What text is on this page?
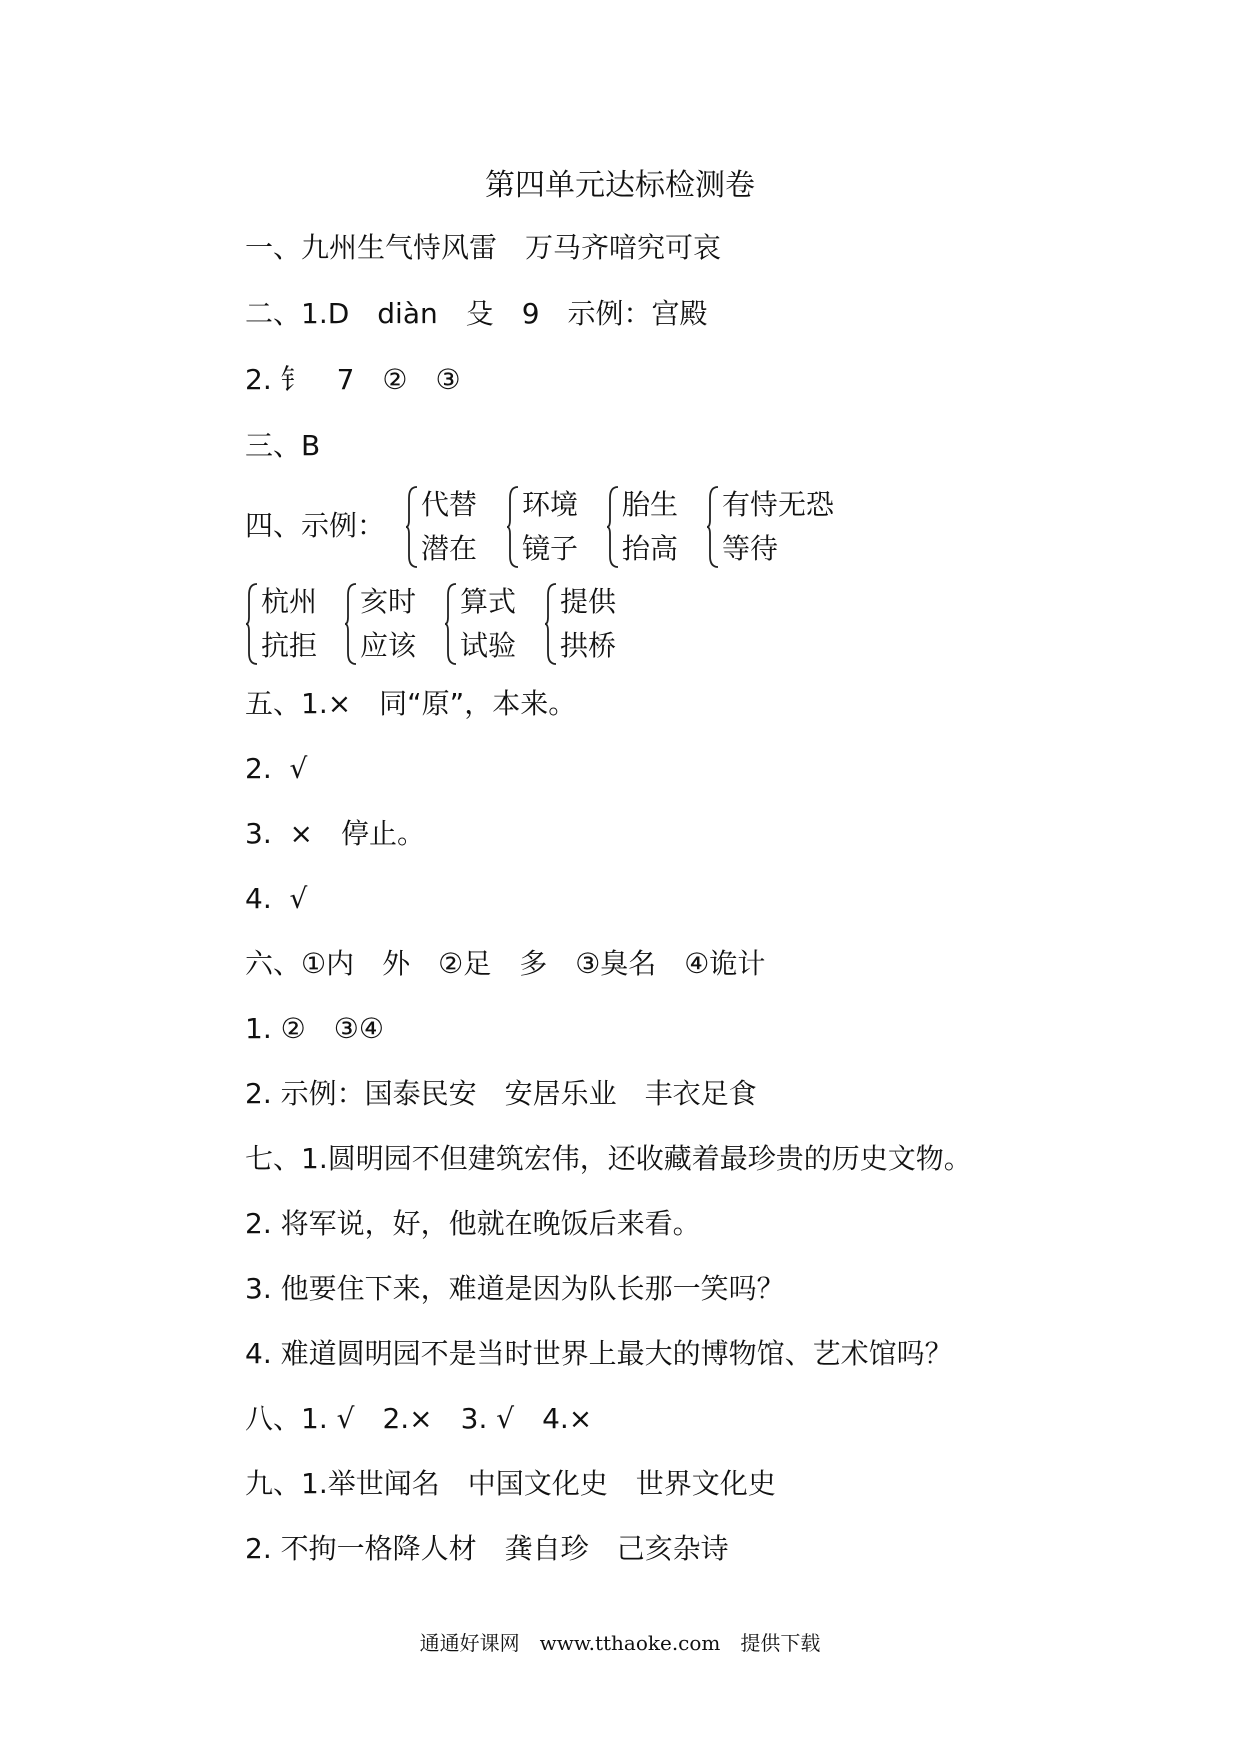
第四单元达标检测卷
一、九州生气恃风雷　万马齐喑究可哀
二、1.D　diàn　殳　9　示例：宫殿
2. 钅　7　②　③
三、B
四、示例：
代替
潜在
环境
镜子
胎生
抬高
有恃无恐
等待
杭州
抗拒
亥时
应该
算式
试验
提供
拱桥
五、1.×　同“原”，本来。
2.  √
3.  ×　停止。
4.  √
六、①内　外　②足　多　③臭名　④诡计
1. ②　③④
2. 示例：国泰民安　安居乐业　丰衣足食
七、1.圆明园不但建筑宏伟，还收藏着最珍贵的历史文物。
2. 将军说，好，他就在晚饭后来看。
3. 他要住下来，难道是因为队长那一笑吗？
4. 难道圆明园不是当时世界上最大的博物馆、艺术馆吗？
八、1. √　2.×　3. √　4.×
九、1.举世闻名　中国文化史　世界文化史
2. 不拘一格降人材　龚自珍　己亥杂诗
通通好课网　www.tthaoke.com　提供下载
